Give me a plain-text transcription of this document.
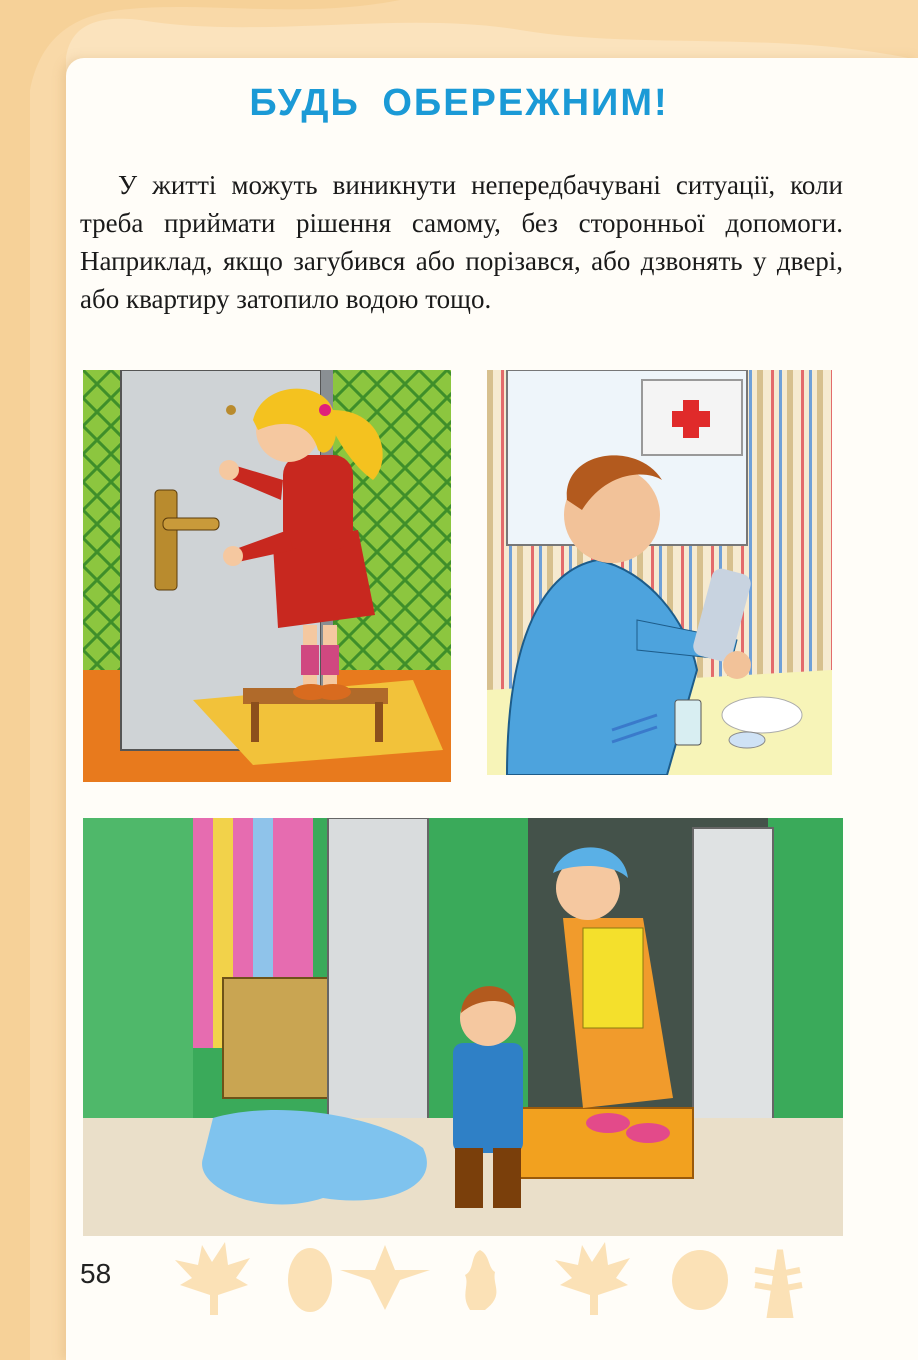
БУДЬ ОБЕРЕЖНИМ!
У житті можуть виникнути непередбачувані ситуації, коли треба приймати рішення самому, без сторонньої допомоги. Наприклад, якщо загубився або порізався, або дзвонять у двері, або квартиру затопило водою тощо.
58
